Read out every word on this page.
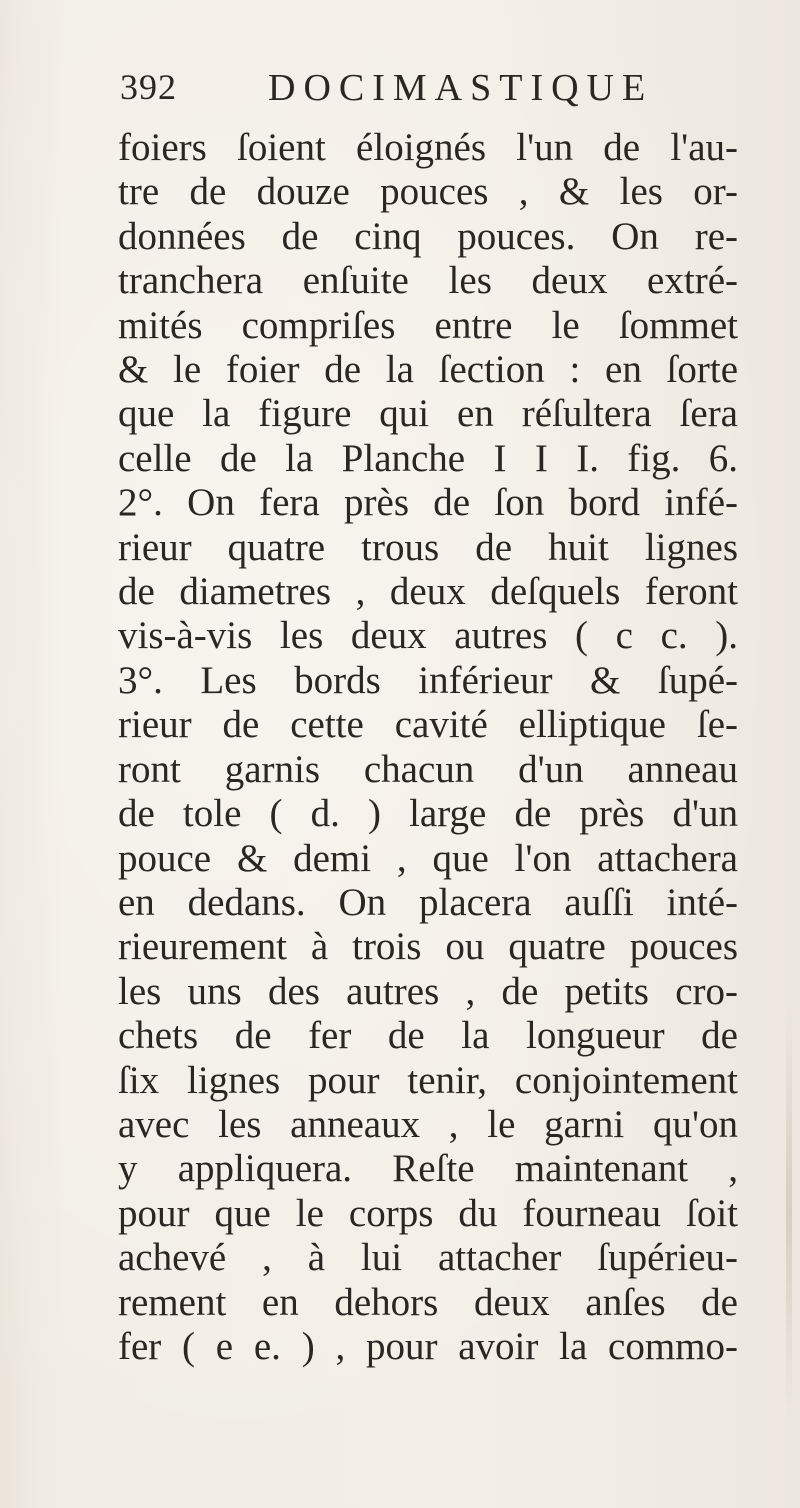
392 DOCIMASTIQUE
foiers ſoient éloignés l'un de l'au-
tre de douze pouces , & les or-
données de cinq pouces. On re-
tranchera enſuite les deux extré-
mités compriſes entre le ſommet
& le foier de la ſection : en ſorte
que la figure qui en réſultera ſera
celle de la Planche I I I. fig. 6.
2°. On fera près de ſon bord infé-
rieur quatre trous de huit lignes
de diametres , deux deſquels feront
vis-à-vis les deux autres ( c c. ).
3°. Les bords inférieur & ſupé-
rieur de cette cavité elliptique ſe-
ront garnis chacun d'un anneau
de tole ( d. ) large de près d'un
pouce & demi , que l'on attachera
en dedans. On placera auſſi inté-
rieurement à trois ou quatre pouces
les uns des autres , de petits cro-
chets de fer de la longueur de
ſix lignes pour tenir, conjointement
avec les anneaux , le garni qu'on
y appliquera. Reſte maintenant ,
pour que le corps du fourneau ſoit
achevé , à lui attacher ſupérieu-
rement en dehors deux anſes de
fer ( e e. ) , pour avoir la commo-
